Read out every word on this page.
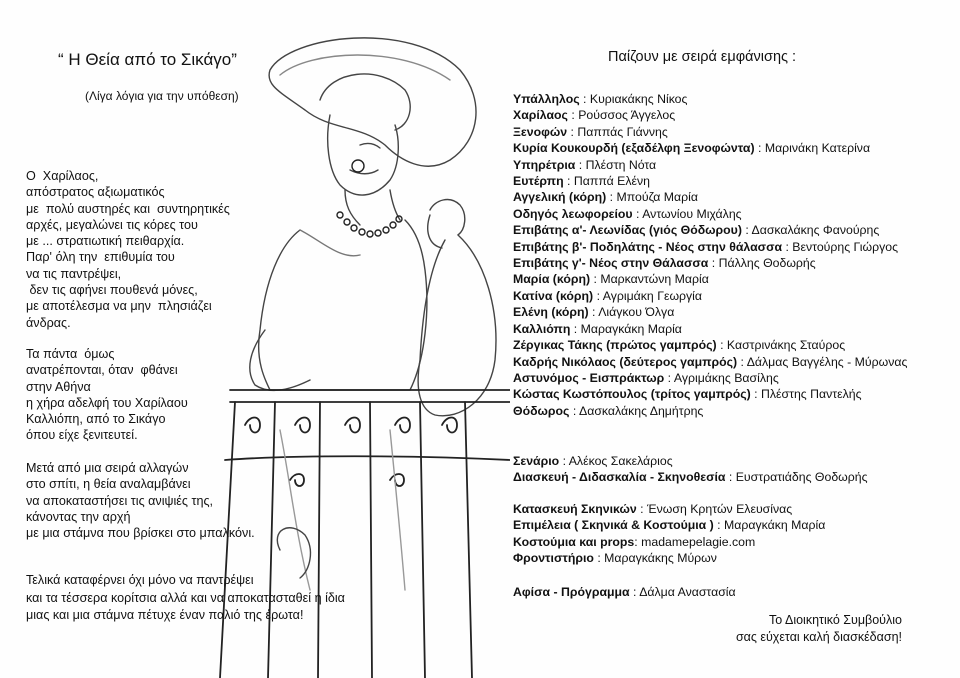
“ Η Θεία από το Σικάγο”
(Λίγα λόγια για την υπόθεση)
Ο  Χαρίλαος,
απόστρατος αξιωματικός
με  πολύ αυστηρές και  συντηρητικές
αρχές, μεγαλώνει τις κόρες του
με ... στρατιωτική πειθαρχία.
Παρ' όλη την  επιθυμία του
να τις παντρέψει,
δεν τις αφήνει πουθενά μόνες,
με αποτέλεσμα να μην  πλησιάζει
άνδρας.
Τα πάντα  όμως
ανατρέπονται, όταν  φθάνει
στην Αθήνα
η χήρα αδελφή του Χαρίλαου
Καλλιόπη, από το Σικάγο
όπου είχε ξενιτευτεί.
Μετά από μια σειρά αλλαγών
στο σπίτι, η θεία αναλαμβάνει
να αποκαταστήσει τις ανιψιές της,
κάνοντας την αρχή
με μια στάμνα που βρίσκει στο μπαλκόνι.
Τελικά καταφέρνει όχι μόνο να παντρέψει
και τα τέσσερα κορίτσια αλλά και να αποκατασταθεί η ίδια
μιας και μια στάμνα πέτυχε έναν παλιό της έρωτα!
Παίζουν με σειρά εμφάνισης :
Υπάλληλος : Κυριακάκης Νίκος
Χαρίλαος : Ρούσσος Άγγελος
Ξενοφών : Παππάς Γιάννης
Κυρία Κουκουρδή (εξαδέλφη Ξενοφώντα) : Μαρινάκη Κατερίνα
Υπηρέτρια : Πλέστη Νότα
Ευτέρπη : Παππά Ελένη
Αγγελική (κόρη) : Μπούζα Μαρία
Οδηγός λεωφορείου : Αντωνίου Μιχάλης
Επιβάτης α'- Λεωνίδας (γιός Θόδωρου) : Δασκαλάκης Φανούρης
Επιβάτης β'- Ποδηλάτης - Νέος στην θάλασσα : Βεντούρης Γιώργος
Επιβάτης γ'- Νέος στην Θάλασσα : Πάλλης Θοδωρής
Μαρία (κόρη) : Μαρκαντώνη Μαρία
Κατίνα (κόρη) : Αγριμάκη Γεωργία
Ελένη (κόρη) : Λιάγκου Όλγα
Καλλιόπη : Μαραγκάκη Μαρία
Ζέργικας Τάκης (πρώτος γαμπρός) : Καστρινάκης Σταύρος
Καδρής Νικόλαος (δεύτερος γαμπρός) : Δάλμας Βαγγέλης - Μύρωνας
Αστυνόμος - Εισπράκτωρ : Αγριμάκης Βασίλης
Κώστας Κωστόπουλος (τρίτος γαμπρός) : Πλέστης Παντελής
Θόδωρος : Δασκαλάκης Δημήτρης
Σενάριο : Αλέκος Σακελάριος
Διασκευή - Διδασκαλία - Σκηνοθεσία : Ευστρατιάδης Θοδωρής
Κατασκευή Σκηνικών : Ένωση Κρητών Ελευσίνας
Επιμέλεια ( Σκηνικά & Κοστούμια ) : Μαραγκάκη Μαρία
Κοστούμια και props: madamepelagie.com
Φροντιστήριο : Μαραγκάκης Μύρων
Αφίσα - Πρόγραμμα : Δάλμα Αναστασία
Το Διοικητικό Συμβούλιο
σας εύχεται καλή διασκέδαση!
